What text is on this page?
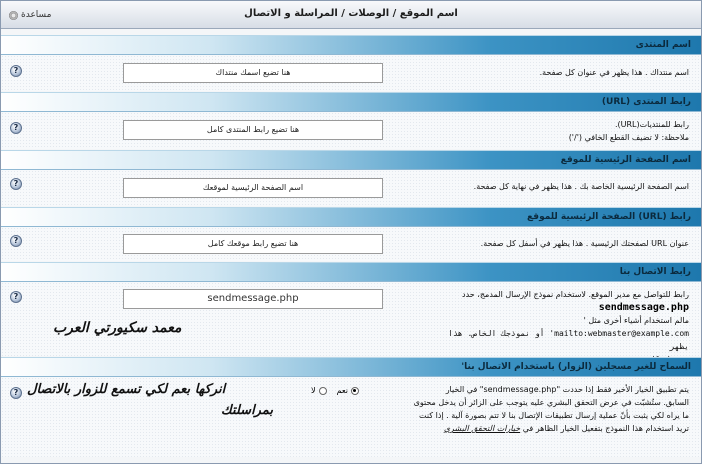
اسم الموقع / الوصلات / المراسلة و الاتصال
مساعدة
اسم المنتدى
اسم منتداك . هذا يظهر في عنوان كل صفحة.
هنا تضيع اسمك منتداك
?
رابط المنتدى (URL)
رابط للمنتديات(URL).
ملاحظة: لا تضيف القطع الخافي ('/')
هنا تضيع رابط المنتدى كامل
?
اسم الصفحة الرئيسية للموقع
اسم الصفحة الرئيسية الخاصة بك . هذا يظهر في نهاية كل صفحة.
اسم الصفحة الرئيسية لموقعك
?
رابط (URL) الصفحة الرئيسية للموقع
عنوان URL لصفحتك الرئيسية . هذا يظهر في أسفل كل صفحة.
هنا تضيع رابط موقعك كامل
?
رابط الاتصال بنا
رابط للتواصل مع مدير الموقع. لاستخدام نموذج الإرسال المدمج، حدد
sendmessage.php
مالم استخدام أشياء أخرى مثل '
mailto:webmaster@example.com' أو نموذجك الخاص. هذا يظهر
sendmessage.php
?
معمد سكيورتي العرب
السماح للغير مسجلين (الزوار) باستخدام الاتصال بنا'
يتم تطبيق الخيار الأخير فقط إذا حددت "sendmessage.php" في الخيار
السابق. ستُشبّت في عرض التحقق البشري عليه يتوجب على الزائر أن يدخل محتوى
ما يراه لكي يثبت بأنّ عملية إرسال تطبيقات الإتصال بنا لا تتم بصورة آلية . إذا كنت
تريد استخدام هذا النموذج بتفعيل الخيار الظاهر في خيارات التحقق البشري
نعم
لا
? انركها بعم لكي تسمع للزوار بالاتصال
بمراسلتك
